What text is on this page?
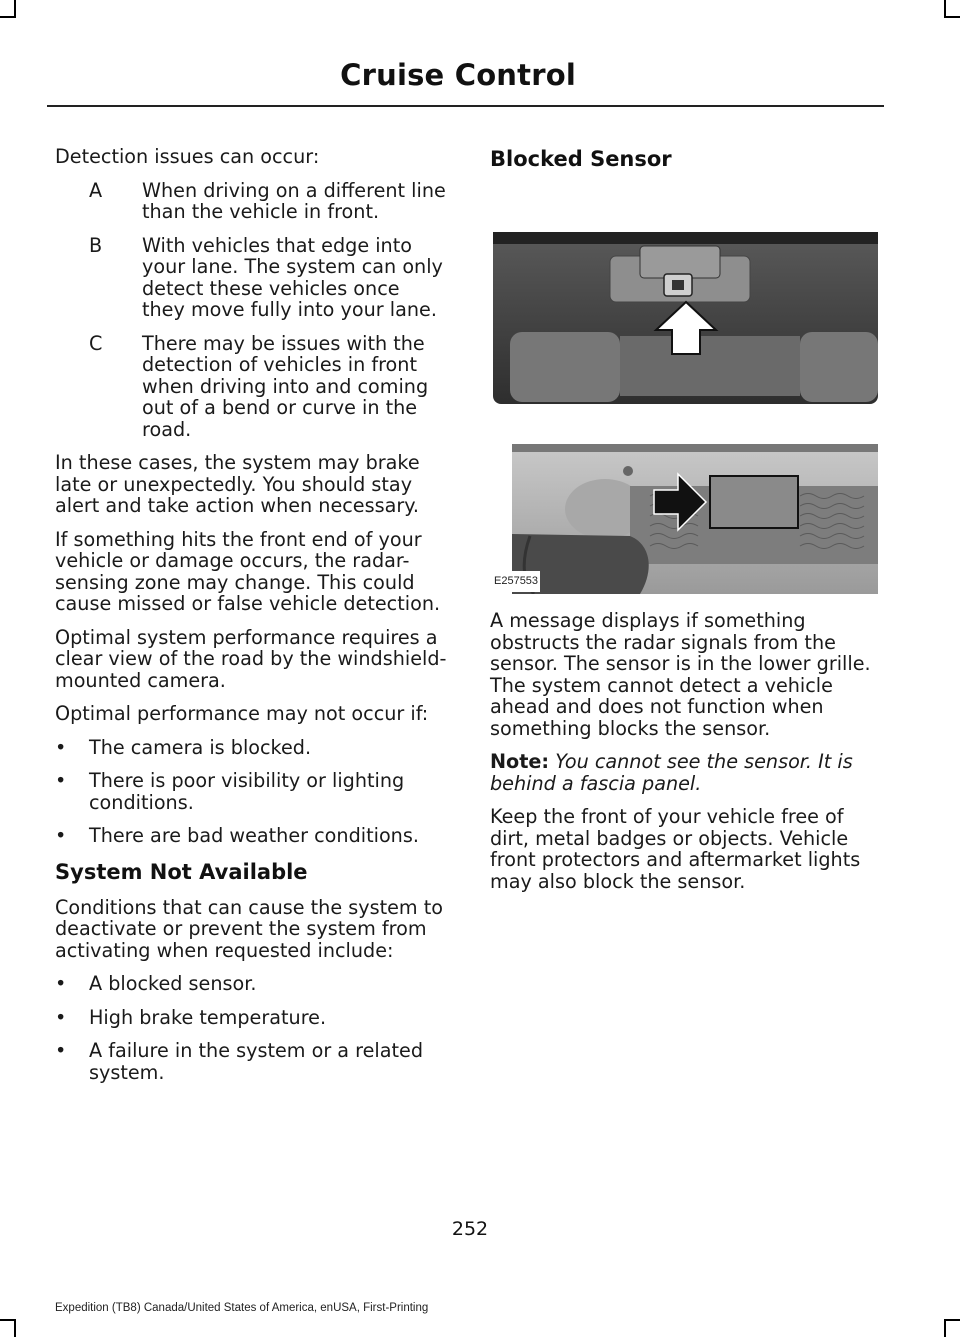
Cruise Control

Detection issues can occur:

A	When driving on a different line than the vehicle in front.
B	With vehicles that edge into your lane. The system can only detect these vehicles once they move fully into your lane.
C	There may be issues with the detection of vehicles in front when driving into and coming out of a bend or curve in the road.

In these cases, the system may brake late or unexpectedly. You should stay alert and take action when necessary.

If something hits the front end of your vehicle or damage occurs, the radar-sensing zone may change. This could cause missed or false vehicle detection.

Optimal system performance requires a clear view of the road by the windshield-mounted camera.

Optimal performance may not occur if:

•	The camera is blocked.
•	There is poor visibility or lighting conditions.
•	There are bad weather conditions.
System Not Available

Conditions that can cause the system to deactivate or prevent the system from activating when requested include:

•	A blocked sensor.
•	High brake temperature.
•	A failure in the system or a related system.
Blocked Sensor
E257553

A message displays if something obstructs the radar signals from the sensor. The sensor is in the lower grille. The system cannot detect a vehicle ahead and does not function when something blocks the sensor.

Note: You cannot see the sensor. It is behind a fascia panel.

Keep the front of your vehicle free of dirt, metal badges or objects. Vehicle front protectors and aftermarket lights may also block the sensor.

252
Expedition (TB8) Canada/United States of America, enUSA, First-Printing
